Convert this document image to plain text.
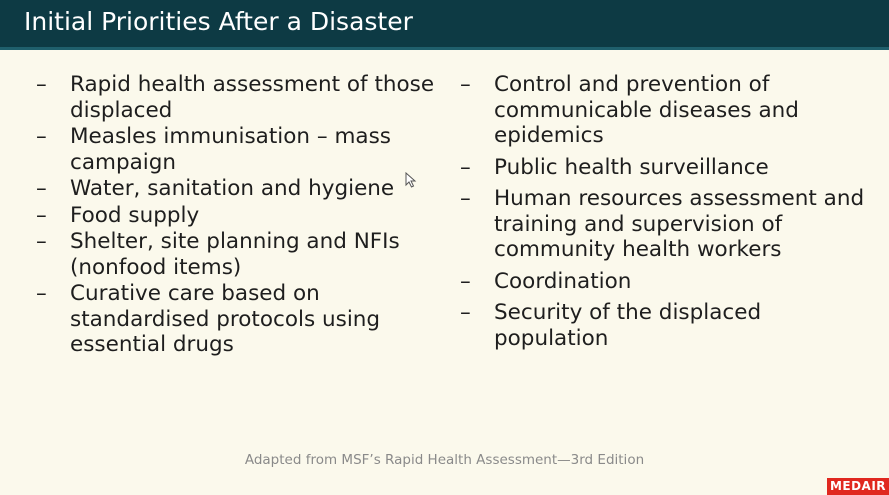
Initial Priorities After a Disaster
– Rapid health assessment of those displaced
– Measles immunisation – mass campaign
– Water, sanitation and hygiene
– Food supply
– Shelter, site planning and NFIs (nonfood items)
– Curative care based on standardised protocols using essential drugs
– Control and prevention of communicable diseases and epidemics
– Public health surveillance
– Human resources assessment and training and supervision of community health workers
– Coordination
– Security of the displaced population
Adapted from MSF’s Rapid Health Assessment—3rd Edition
MEDAIR
